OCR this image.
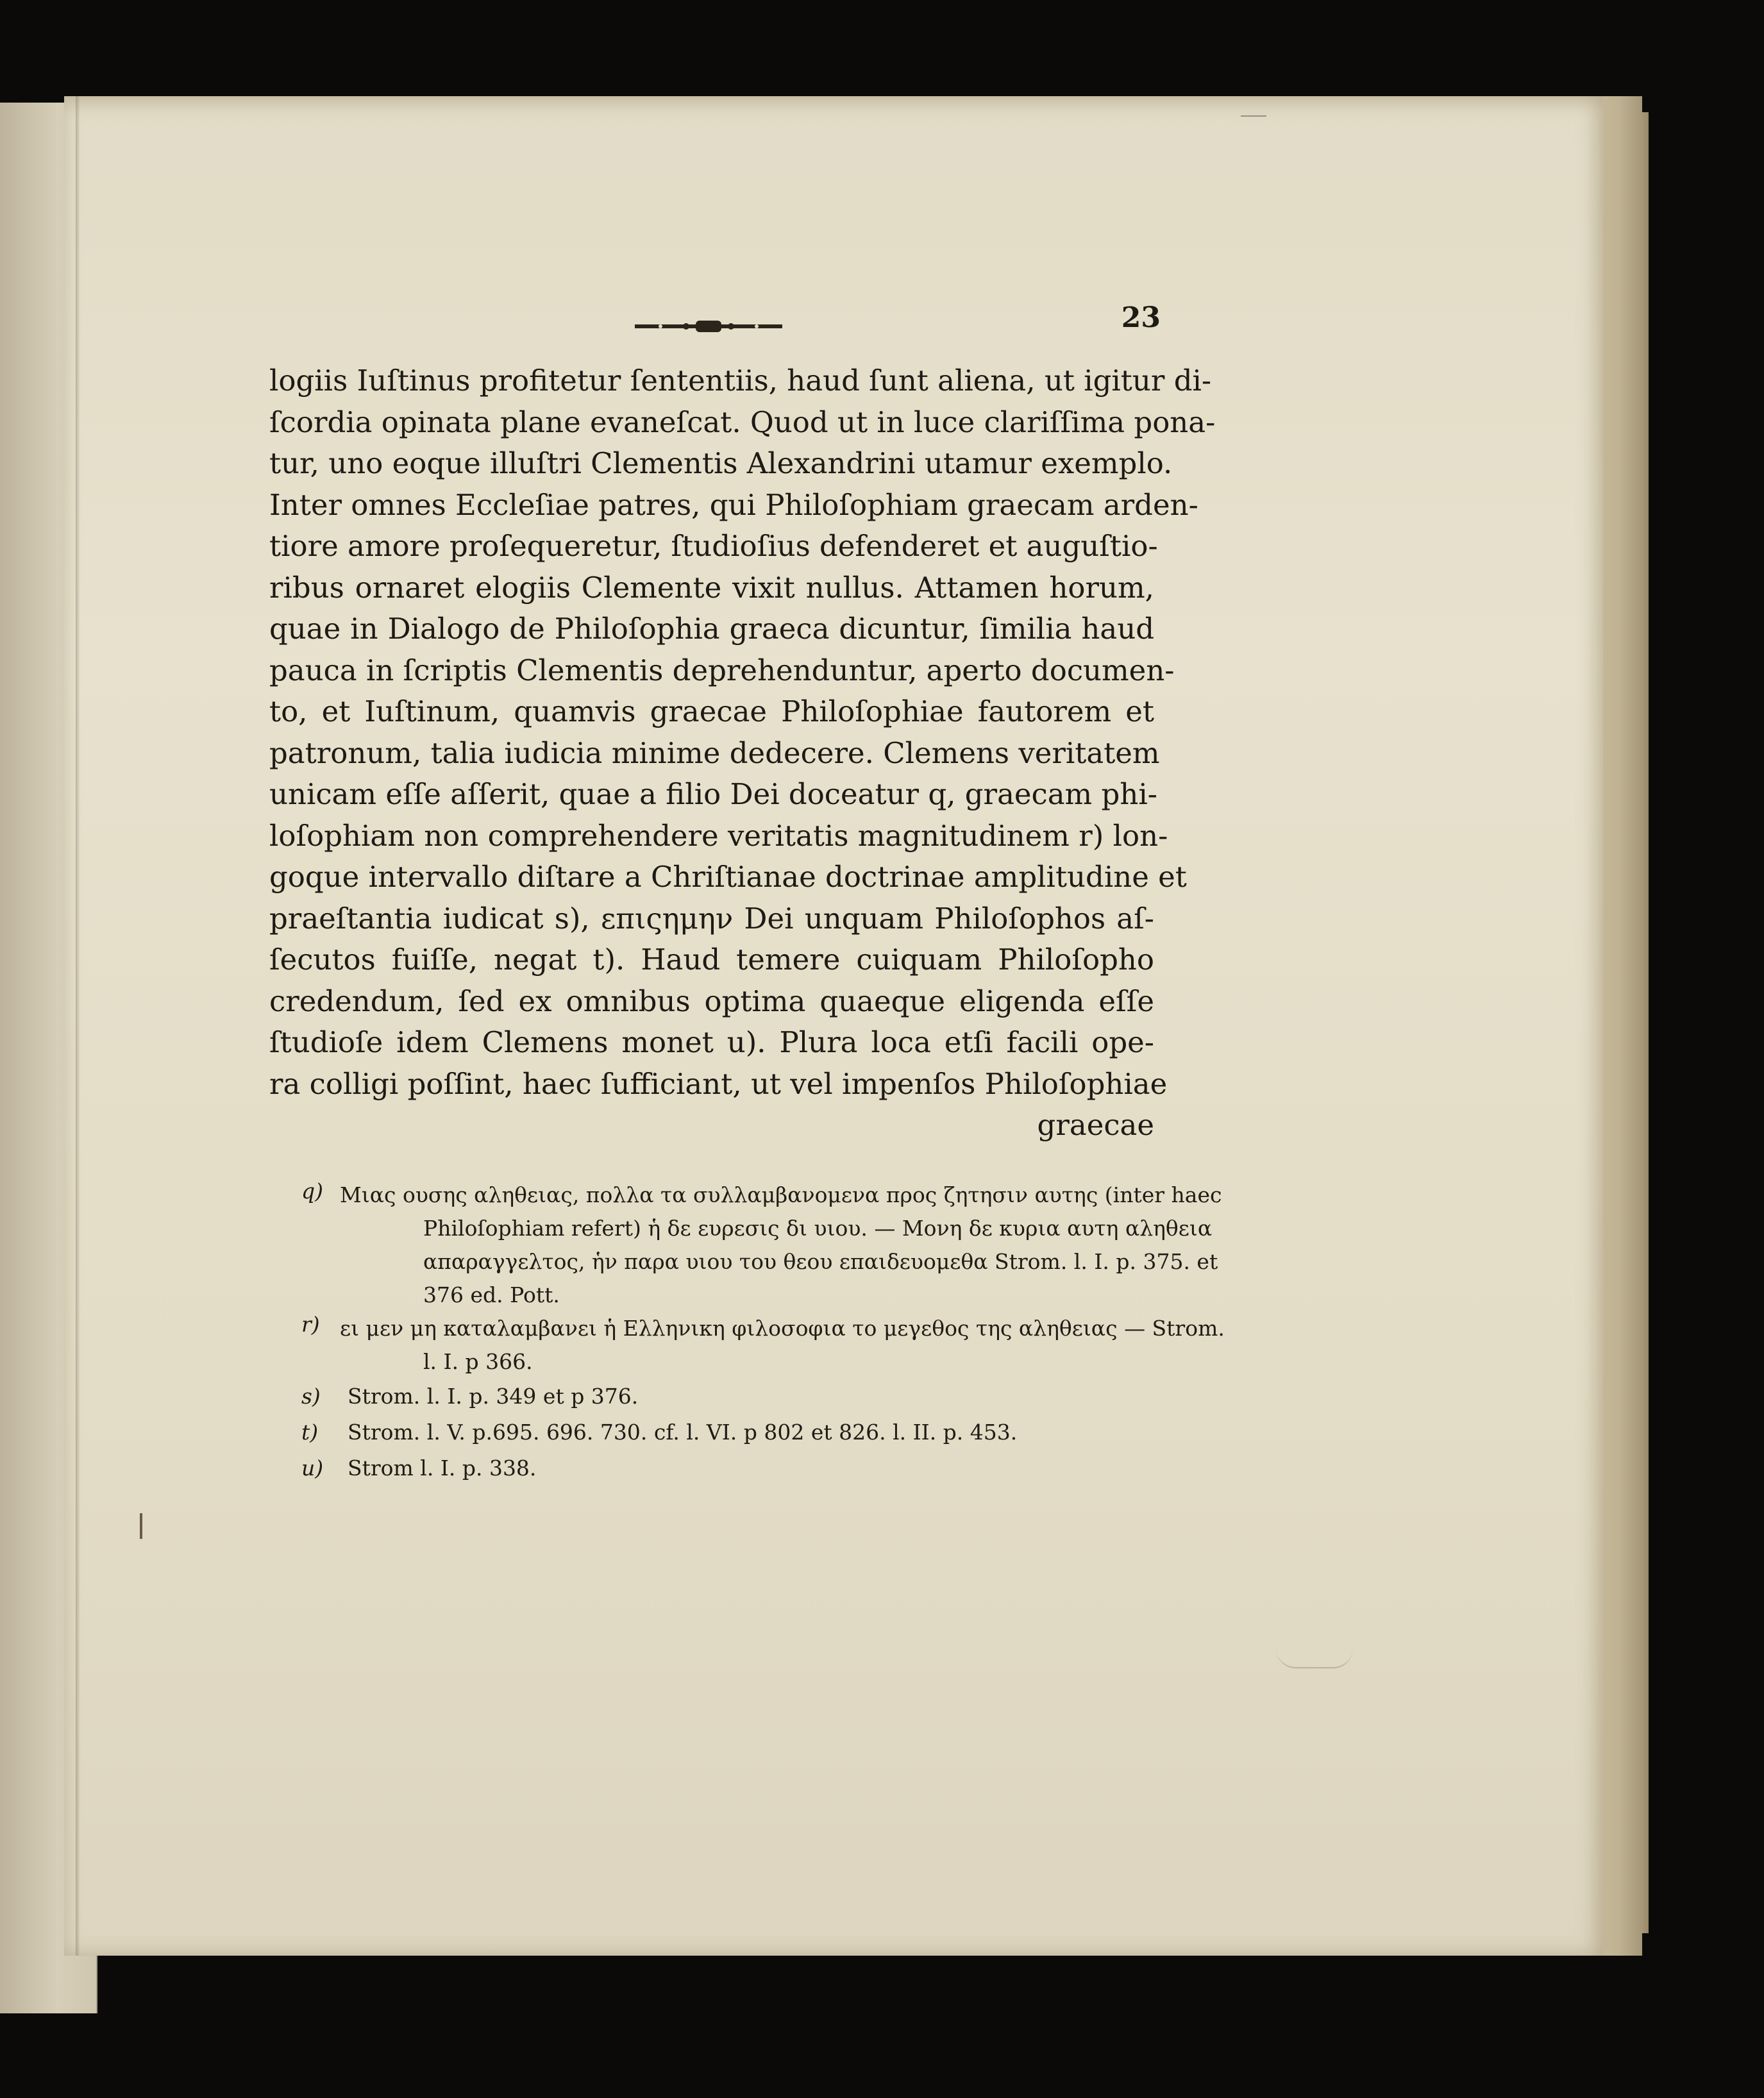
23
logiis Iuſtinus profitetur ſententiis, haud ſunt aliena, ut igitur di-
ſcordia opinata plane evaneſcat. Quod ut in luce clariſſima pona-
tur, uno eoque illuſtri Clementis Alexandrini utamur exemplo.
Inter omnes Eccleſiae patres, qui Philoſophiam graecam arden-
tiore amore proſequeretur, ſtudioſius defenderet et auguſtio-
ribus ornaret elogiis Clemente vixit nullus. Attamen horum,
quae in Dialogo de Philoſophia graeca dicuntur, ſimilia haud
pauca in ſcriptis Clementis deprehenduntur, aperto documen-
to, et Iuſtinum, quamvis graecae Philoſophiae fautorem et
patronum, talia iudicia minime dedecere. Clemens veritatem
unicam eſſe aſſerit, quae a filio Dei doceatur q, graecam phi-
loſophiam non comprehendere veritatis magnitudinem r) lon-
goque intervallo diſtare a Chriſtianae doctrinae amplitudine et
praeſtantia iudicat s), επιςημην Dei unquam Philoſophos aſ-
ſecutos fuiſſe, negat t). Haud temere cuiquam Philoſopho
credendum, ſed ex omnibus optima quaeque eligenda eſſe
ſtudioſe idem Clemens monet u). Plura loca etſi facili ope-
ra colligi poſſint, haec ſufficiant, ut vel impenſos Philoſophiae
graecae
q) Μιας ουσης αληθειας, πολλα τα συλλαμβανομενα προς ζητησιν αυτης (inter haec
Philoſophiam refert) ἡ δε ευρεσις δι υιου. — Μονη δε κυρια αυτη αληθεια
απαραγγελτος, ἡν παρα υιου του θεου επαιδευομεθα Strom. l. I. p. 375. et
376 ed. Pott.
r) ει μεν μη καταλαμβανει ἡ Ελληνικη φιλοσοφια το μεγεθος της αληθειας — Strom.
l. I. p 366.
s)	Strom. l. I. p. 349 et p 376.
t)	Strom. l. V. p.695. 696. 730. cf. l. VI. p 802 et 826. l. II. p. 453.
u)	Strom l. I. p. 338.
